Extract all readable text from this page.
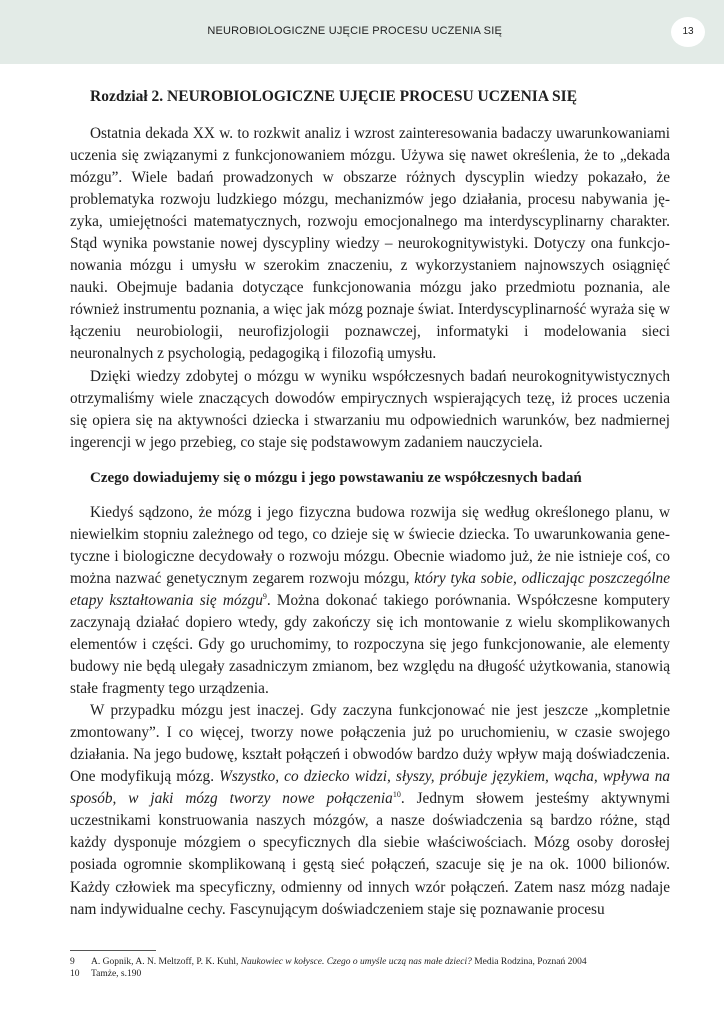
NEUROBIOLOGICZNE UJĘCIE PROCESU UCZENIA SIĘ	13
Rozdział 2. NEUROBIOLOGICZNE UJĘCIE PROCESU UCZENIA SIĘ

Ostatnia dekada XX w. to rozkwit analiz i wzrost zainteresowania badaczy uwarunkowaniami uczenia się związanymi z funkcjonowaniem mózgu. Używa się nawet określenia, że to „dekada mózgu”. Wiele badań prowadzonych w obszarze różnych dyscyplin wiedzy pokazało, że problematyka rozwoju ludzkiego mózgu, mechanizmów jego działania, procesu nabywania języka, umiejętności matematycznych, rozwoju emocjonalnego ma interdyscyplinarny charakter. Stąd wynika powstanie nowej dyscypliny wiedzy – neurokognitywistyki. Dotyczy ona funkcjonowania mózgu i umysłu w szerokim znaczeniu, z wykorzystaniem najnowszych osiągnięć nauki. Obejmuje badania dotyczące funkcjonowania mózgu jako przedmiotu poznania, ale również instrumentu poznania, a więc jak mózg poznaje świat. Interdyscyplinarność wyraża się w łączeniu neurobiologii, neurofizjologii poznawczej, informatyki i modelowania sieci neuronalnych z psychologią, pedagogiką i filozofią umysłu.

Dzięki wiedzy zdobytej o mózgu w wyniku współczesnych badań neurokognitywistycznych otrzymaliśmy wiele znaczących dowodów empirycznych wspierających tezę, iż proces uczenia się opiera się na aktywności dziecka i stwarzaniu mu odpowiednich warunków, bez nadmiernej ingerencji w jego przebieg, co staje się podstawowym zadaniem nauczyciela.

Czego dowiadujemy się o mózgu i jego powstawaniu ze współczesnych badań

Kiedyś sądzono, że mózg i jego fizyczna budowa rozwija się według określonego planu, w niewielkim stopniu zależnego od tego, co dzieje się w świecie dziecka. To uwarunkowania genetyczne i biologiczne decydowały o rozwoju mózgu. Obecnie wiadomo już, że nie istnieje coś, co można nazwać genetycznym zegarem rozwoju mózgu, który tyka sobie, odliczając poszczególne etapy kształtowania się mózgu$^9$. Można dokonać takiego porównania. Współczesne komputery zaczynają działać dopiero wtedy, gdy zakończy się ich montowanie z wielu skomplikowanych elementów i części. Gdy go uruchomimy, to rozpoczyna się jego funkcjonowanie, ale elementy budowy nie będą ulegały zasadniczym zmianom, bez względu na długość użytkowania, stanowią stałe fragmenty tego urządzenia.

W przypadku mózgu jest inaczej. Gdy zaczyna funkcjonować nie jest jeszcze „kompletnie zmontowany”. I co więcej, tworzy nowe połączenia już po uruchomieniu, w czasie swojego działania. Na jego budowę, kształt połączeń i obwodów bardzo duży wpływ mają doświadczenia. One modyfikują mózg. Wszystko, co dziecko widzi, słyszy, próbuje językiem, wącha, wpływa na sposób, w jaki mózg tworzy nowe połączenia$^{10}$. Jednym słowem jesteśmy aktywnymi uczestnikami konstruowania naszych mózgów, a nasze doświadczenia są bardzo różne, stąd każdy dysponuje mózgiem o specyficznych dla siebie właściwościach. Mózg osoby dorosłej posiada ogromnie skomplikowaną i gęstą sieć połączeń, szacuje się je na ok. 1000 bilionów. Każdy człowiek ma specyficzny, odmienny od innych wzór połączeń. Zatem nasz mózg nadaje nam indywidualne cechy. Fascynującym doświadczeniem staje się poznawanie procesu

9 A. Gopnik, A. N. Meltzoff, P. K. Kuhl, Naukowiec w kołysce. Czego o umyśle uczą nas małe dzieci? Media Rodzina, Poznań 2004
10 Tamże, s.190
